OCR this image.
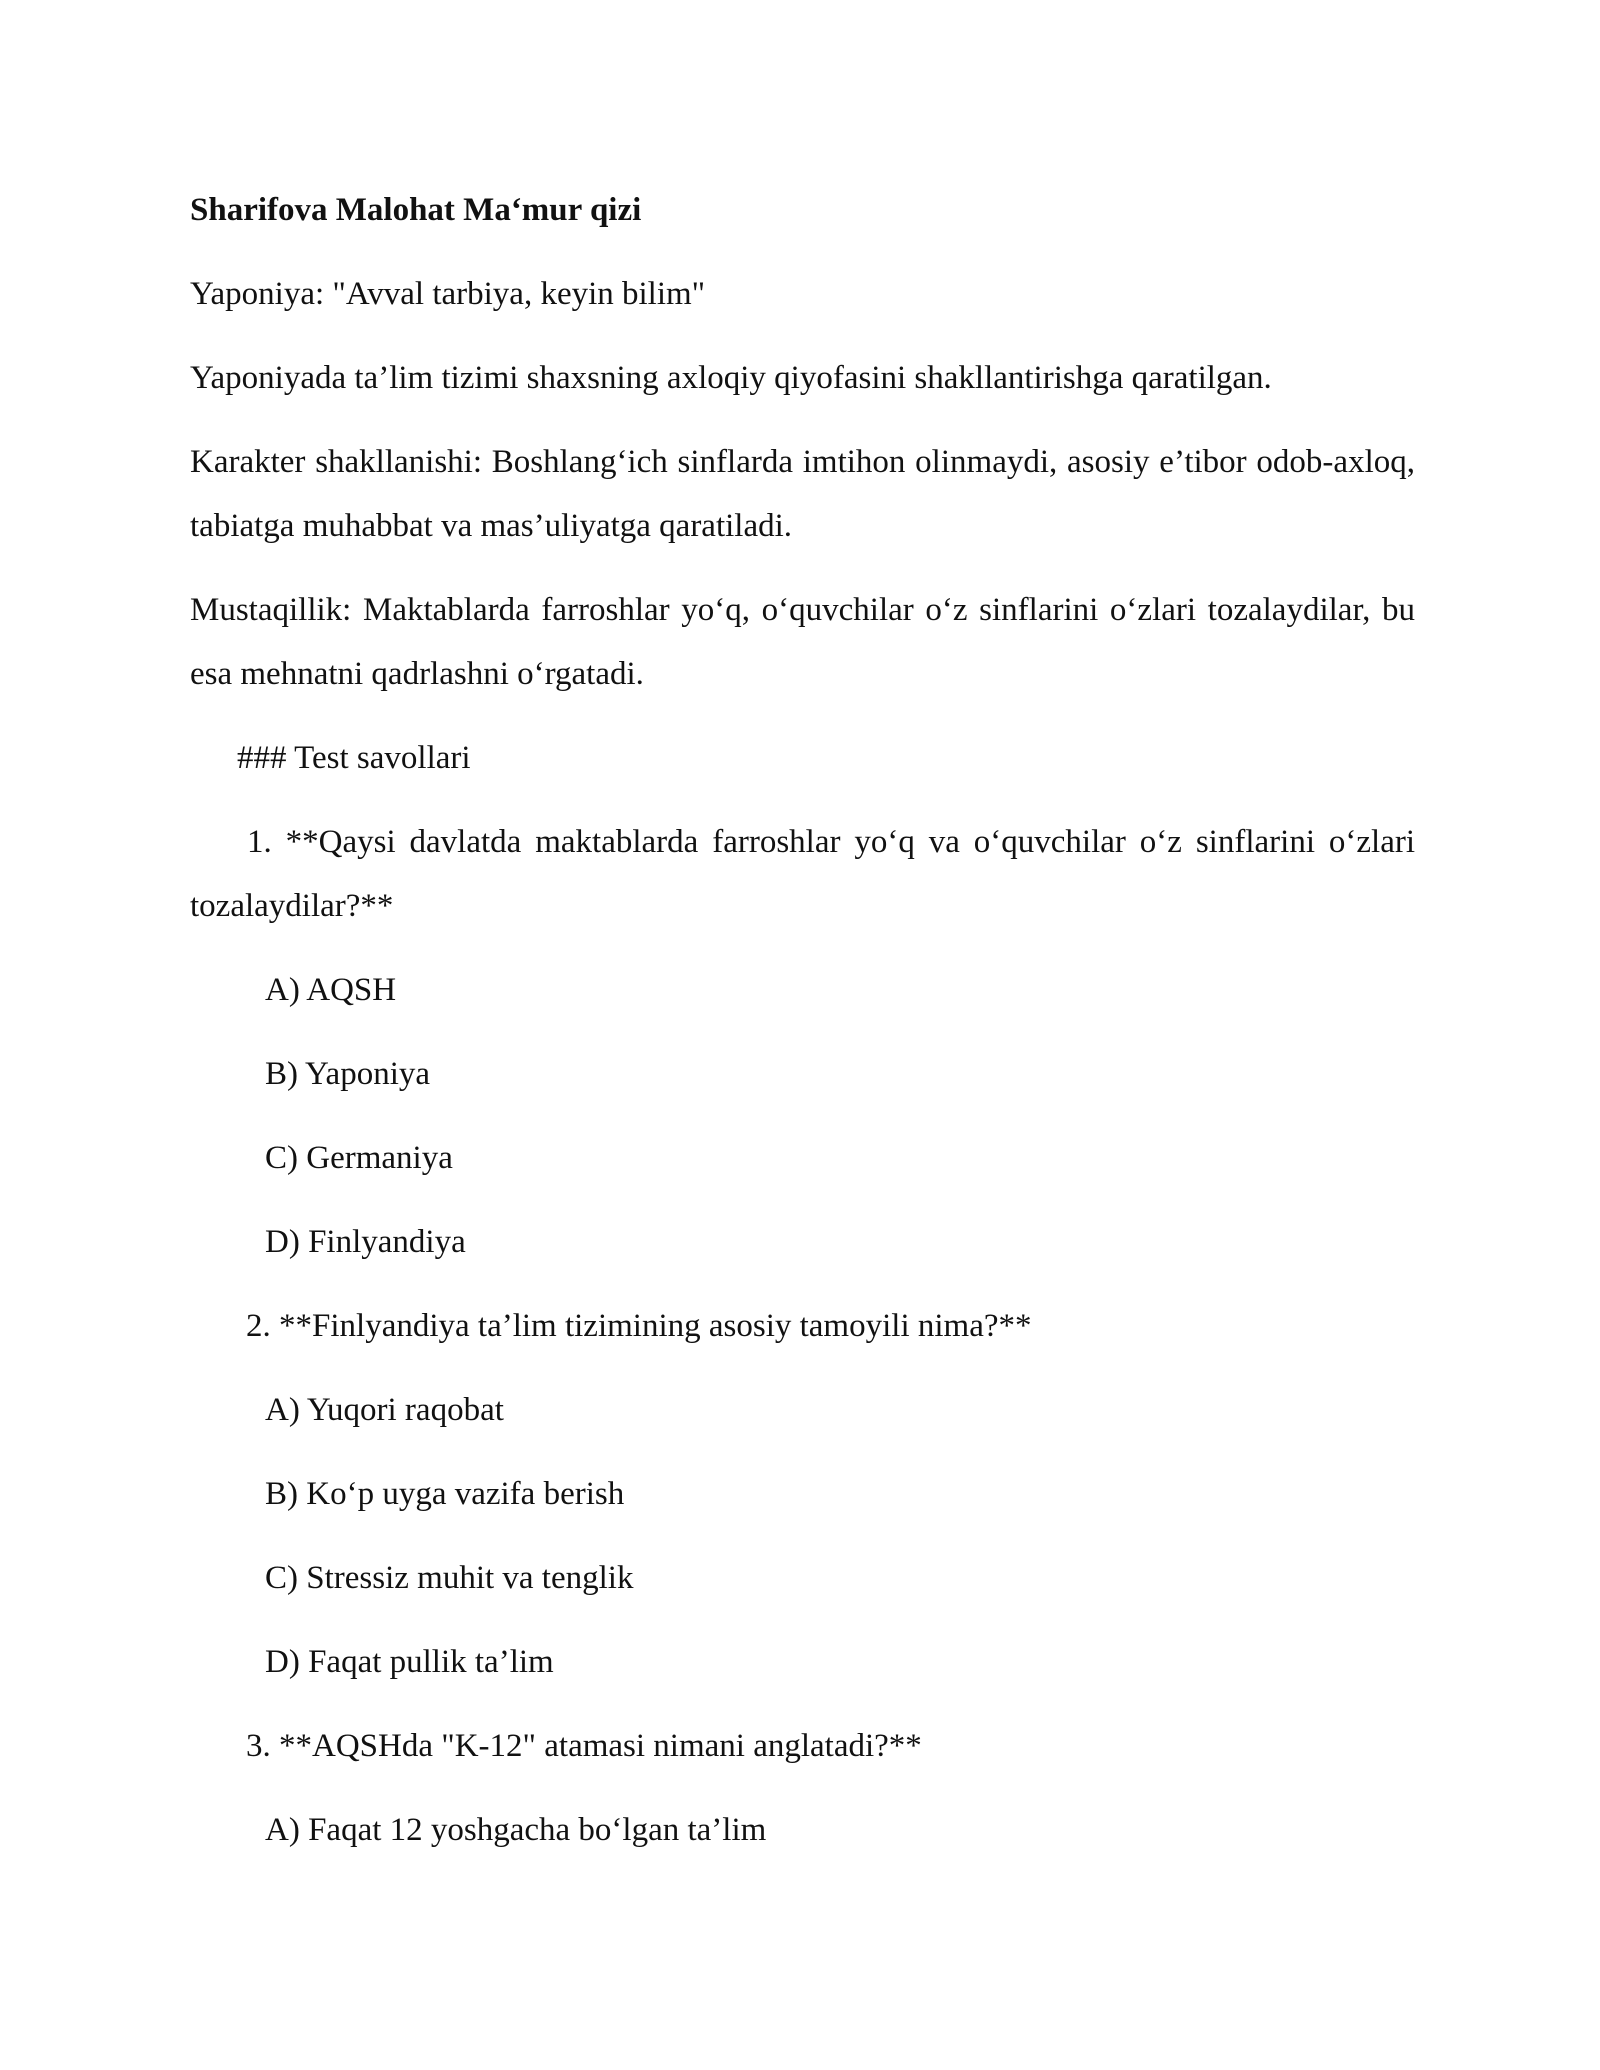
Sharifova Malohat Maʻmur qizi
Yaponiya: "Avval tarbiya, keyin bilim"
Yaponiyada ta’lim tizimi shaxsning axloqiy qiyofasini shakllantirishga qaratilgan.
Karakter shakllanishi: Boshlangʻich sinflarda imtihon olinmaydi, asosiy e’tibor odob-axloq, tabiatga muhabbat va mas’uliyatga qaratiladi.
Mustaqillik: Maktablarda farroshlar yoʻq, oʻquvchilar oʻz sinflarini oʻzlari tozalaydilar, bu esa mehnatni qadrlashni oʻrgatadi.
### Test savollari
1. **Qaysi davlatda maktablarda farroshlar yoʻq va oʻquvchilar oʻz sinflarini oʻzlari tozalaydilar?**
A) AQSH
B) Yaponiya
C) Germaniya
D) Finlyandiya
2. **Finlyandiya ta’lim tizimining asosiy tamoyili nima?**
A) Yuqori raqobat
B) Koʻp uyga vazifa berish
C) Stressiz muhit va tenglik
D) Faqat pullik ta’lim
3. **AQSHda "K-12" atamasi nimani anglatadi?**
A) Faqat 12 yoshgacha boʻlgan ta’lim
